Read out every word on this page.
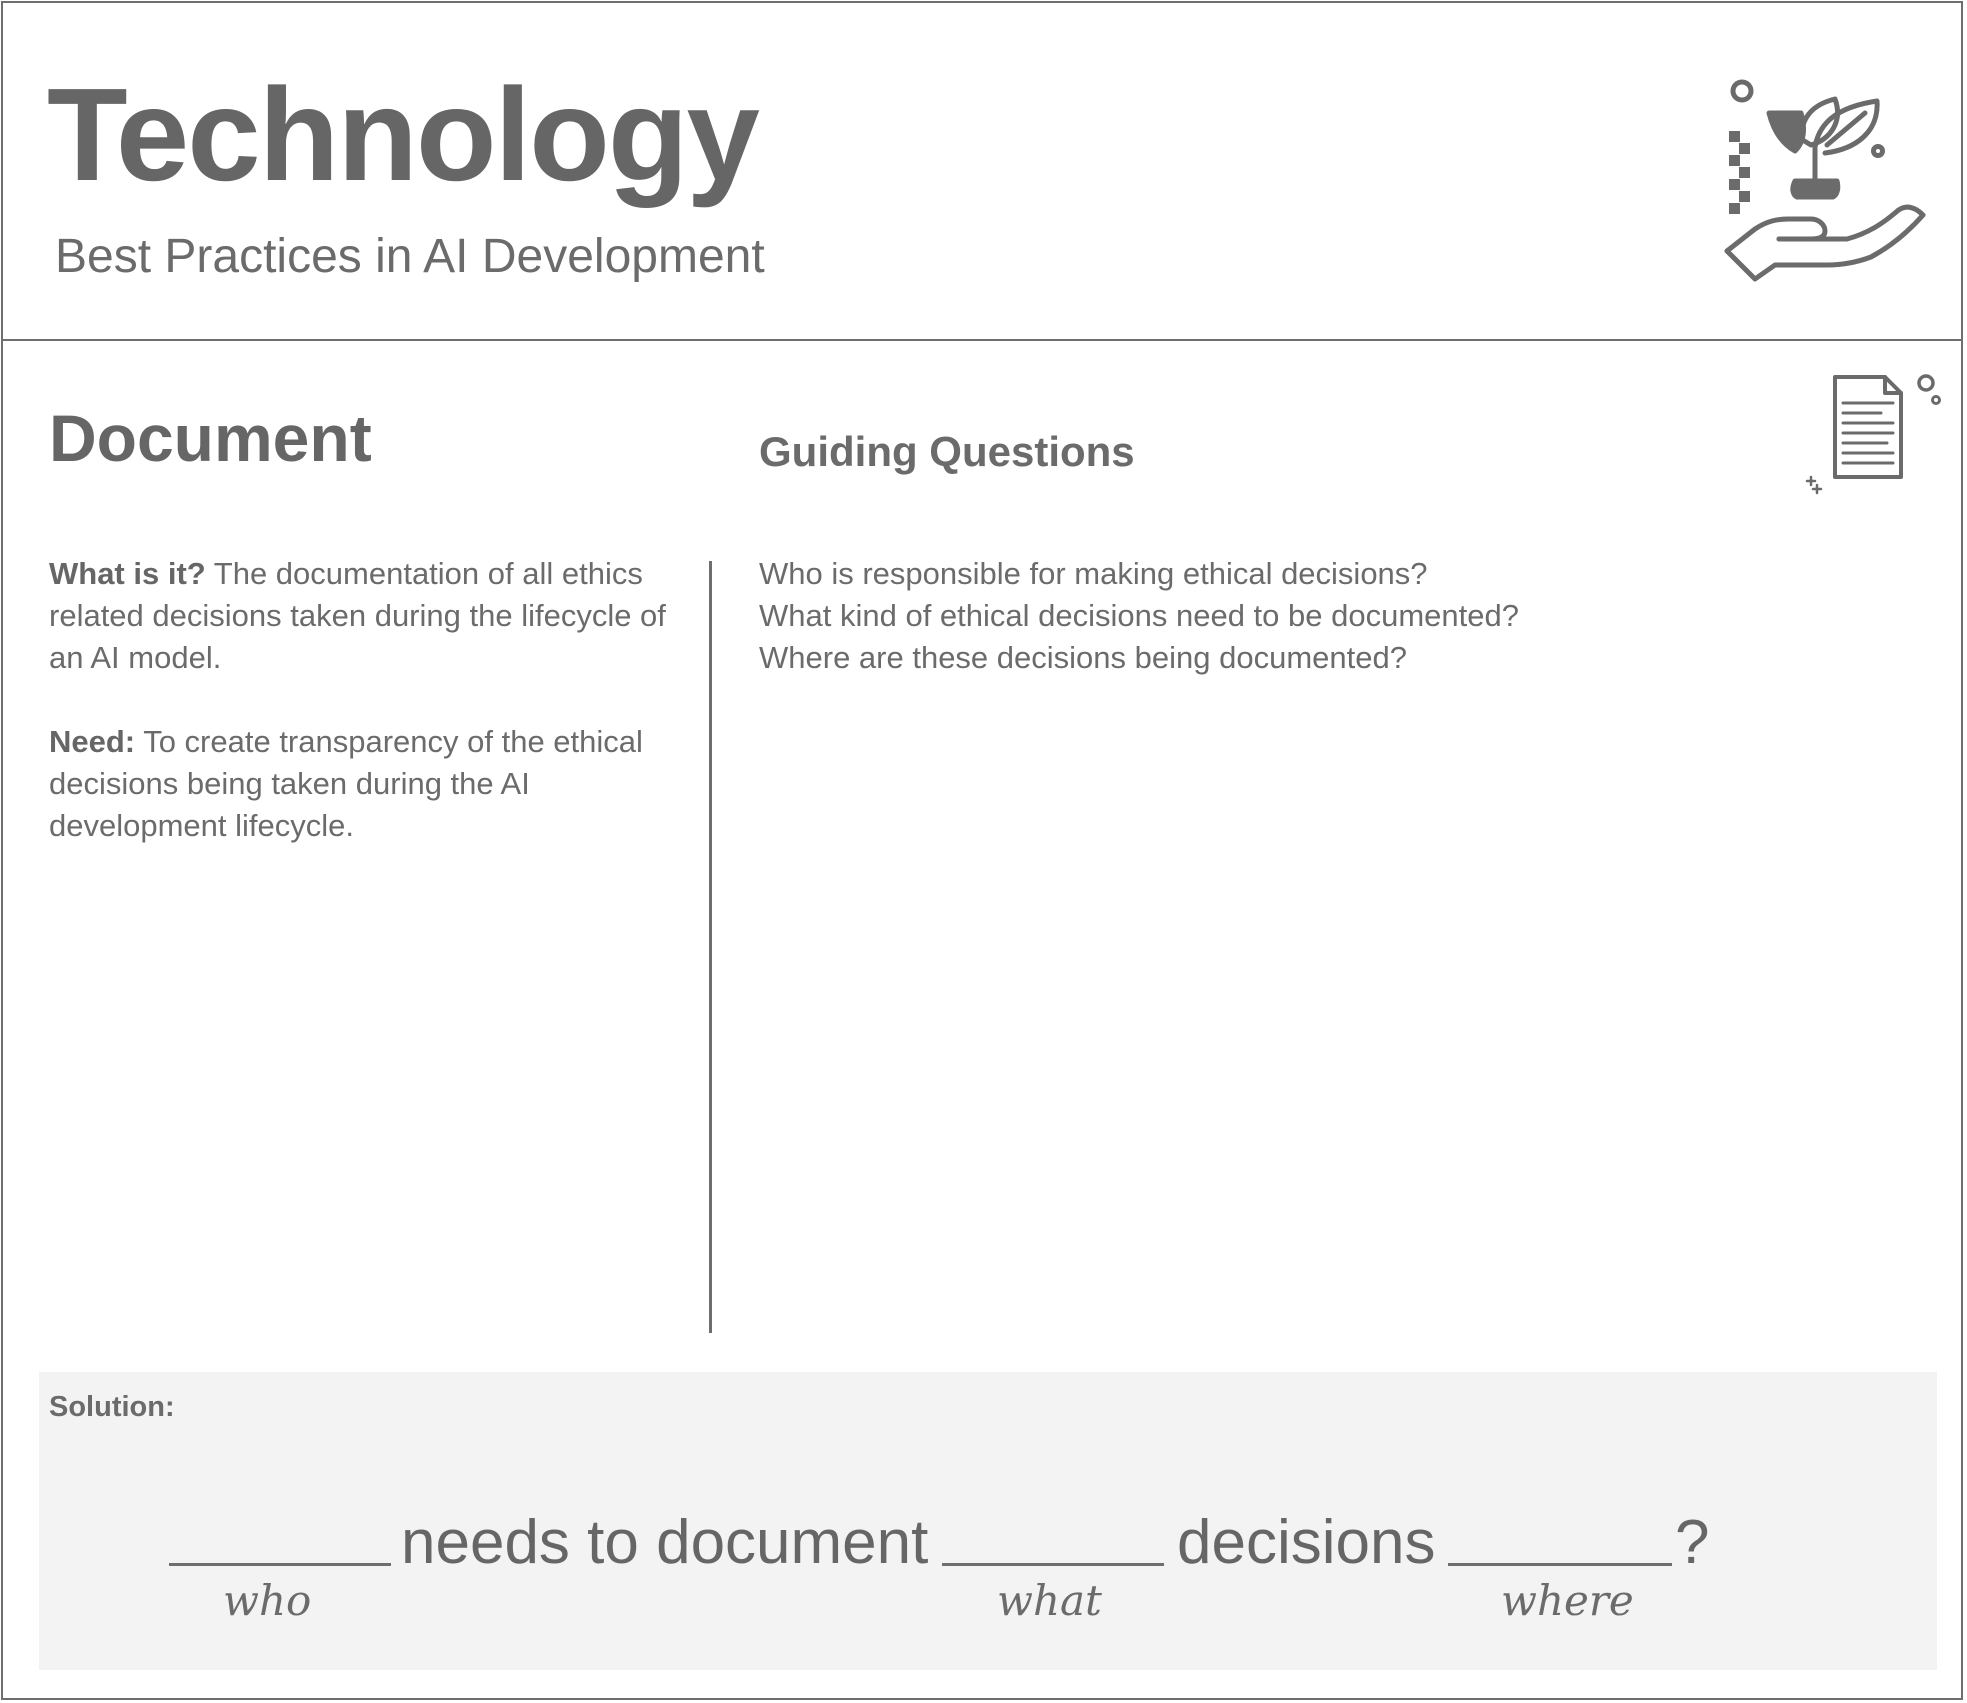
Technology
Best Practices in AI Development
Document	Guiding Questions

What is it? The documentation of all ethics related decisions taken during the lifecycle of an AI model.

Need: To create transparency of the ethical decisions being taken during the AI development lifecycle.

Who is responsible for making ethical decisions?
What kind of ethical decisions need to be documented?
Where are these decisions being documented?
Solution:
needs to document	decisions	?
who	what	where
